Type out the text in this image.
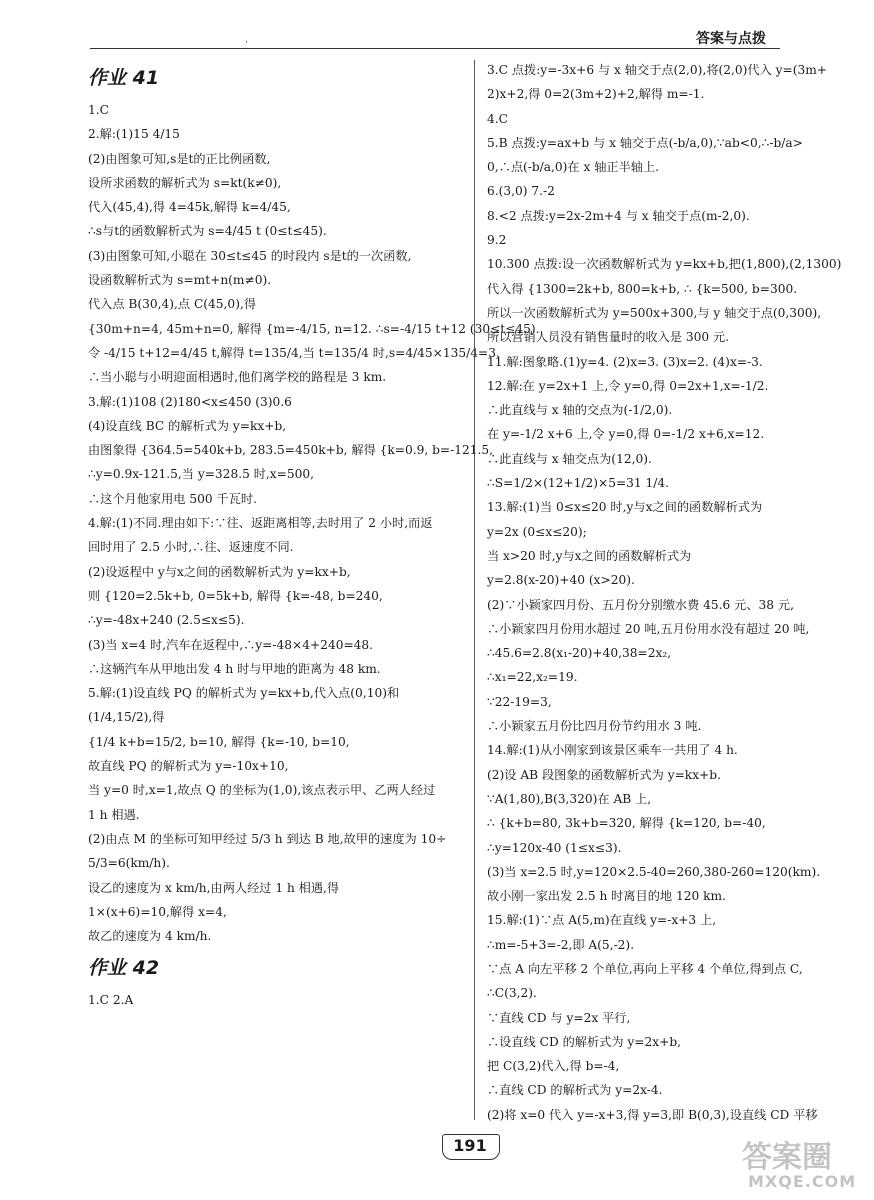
答案与点拨
·
作业 41
1.C
2.解:(1)15 4/15
(2)由图象可知,s是t的正比例函数,
设所求函数的解析式为 s=kt(k≠0),
代入(45,4),得 4=45k,解得 k=4/45,
∴s与t的函数解析式为 s=4/45 t (0≤t≤45).
(3)由图象可知,小聪在 30≤t≤45 的时段内 s是t的一次函数,
设函数解析式为 s=mt+n(m≠0).
代入点 B(30,4),点 C(45,0),得
{30m+n=4, 45m+n=0, 解得 {m=-4/15, n=12. ∴s=-4/15 t+12 (30≤t≤45).
令 -4/15 t+12=4/45 t,解得 t=135/4,当 t=135/4 时,s=4/45×135/4=3.
∴当小聪与小明迎面相遇时,他们离学校的路程是 3 km.
3.解:(1)108 (2)180<x≤450 (3)0.6
(4)设直线 BC 的解析式为 y=kx+b,
由图象得 {364.5=540k+b, 283.5=450k+b, 解得 {k=0.9, b=-121.5,
∴y=0.9x-121.5,当 y=328.5 时,x=500,
∴这个月他家用电 500 千瓦时.
4.解:(1)不同.理由如下:∵往、返距离相等,去时用了 2 小时,而返
回时用了 2.5 小时,∴往、返速度不同.
(2)设返程中 y与x之间的函数解析式为 y=kx+b,
则 {120=2.5k+b, 0=5k+b, 解得 {k=-48, b=240,
∴y=-48x+240 (2.5≤x≤5).
(3)当 x=4 时,汽车在返程中,∴y=-48×4+240=48.
∴这辆汽车从甲地出发 4 h 时与甲地的距离为 48 km.
5.解:(1)设直线 PQ 的解析式为 y=kx+b,代入点(0,10)和
(1/4,15/2),得
{1/4 k+b=15/2, b=10, 解得 {k=-10, b=10,
故直线 PQ 的解析式为 y=-10x+10,
当 y=0 时,x=1,故点 Q 的坐标为(1,0),该点表示甲、乙两人经过
1 h 相遇.
(2)由点 M 的坐标可知甲经过 5/3 h 到达 B 地,故甲的速度为 10÷
5/3=6(km/h).
设乙的速度为 x km/h,由两人经过 1 h 相遇,得
1×(x+6)=10,解得 x=4,
故乙的速度为 4 km/h.
作业 42
1.C 2.A
3.C 点拨:y=-3x+6 与 x 轴交于点(2,0),将(2,0)代入 y=(3m+
2)x+2,得 0=2(3m+2)+2,解得 m=-1.
4.C
5.B 点拨:y=ax+b 与 x 轴交于点(-b/a,0),∵ab<0,∴-b/a>
0,∴点(-b/a,0)在 x 轴正半轴上.
6.(3,0) 7.-2
8.<2 点拨:y=2x-2m+4 与 x 轴交于点(m-2,0).
9.2
10.300 点拨:设一次函数解析式为 y=kx+b,把(1,800),(2,1300)
代入得 {1300=2k+b, 800=k+b, ∴ {k=500, b=300.
所以一次函数解析式为 y=500x+300,与 y 轴交于点(0,300),
所以营销人员没有销售量时的收入是 300 元.
11.解:图象略.(1)y=4. (2)x=3. (3)x=2. (4)x=-3.
12.解:在 y=2x+1 上,令 y=0,得 0=2x+1,x=-1/2.
∴此直线与 x 轴的交点为(-1/2,0).
在 y=-1/2 x+6 上,令 y=0,得 0=-1/2 x+6,x=12.
∴此直线与 x 轴交点为(12,0).
∴S=1/2×(12+1/2)×5=31 1/4.
13.解:(1)当 0≤x≤20 时,y与x之间的函数解析式为
y=2x (0≤x≤20);
当 x>20 时,y与x之间的函数解析式为
y=2.8(x-20)+40 (x>20).
(2)∵小颖家四月份、五月份分别缴水费 45.6 元、38 元,
∴小颖家四月份用水超过 20 吨,五月份用水没有超过 20 吨,
∴45.6=2.8(x₁-20)+40,38=2x₂,
∴x₁=22,x₂=19.
∵22-19=3,
∴小颖家五月份比四月份节约用水 3 吨.
14.解:(1)从小刚家到该景区乘车一共用了 4 h.
(2)设 AB 段图象的函数解析式为 y=kx+b.
∵A(1,80),B(3,320)在 AB 上,
∴ {k+b=80, 3k+b=320, 解得 {k=120, b=-40,
∴y=120x-40 (1≤x≤3).
(3)当 x=2.5 时,y=120×2.5-40=260,380-260=120(km).
故小刚一家出发 2.5 h 时离目的地 120 km.
15.解:(1)∵点 A(5,m)在直线 y=-x+3 上,
∴m=-5+3=-2,即 A(5,-2).
∵点 A 向左平移 2 个单位,再向上平移 4 个单位,得到点 C,
∴C(3,2).
∵直线 CD 与 y=2x 平行,
∴设直线 CD 的解析式为 y=2x+b,
把 C(3,2)代入,得 b=-4,
∴直线 CD 的解析式为 y=2x-4.
(2)将 x=0 代入 y=-x+3,得 y=3,即 B(0,3),设直线 CD 平移
191	答案圈
MXQE.COM
